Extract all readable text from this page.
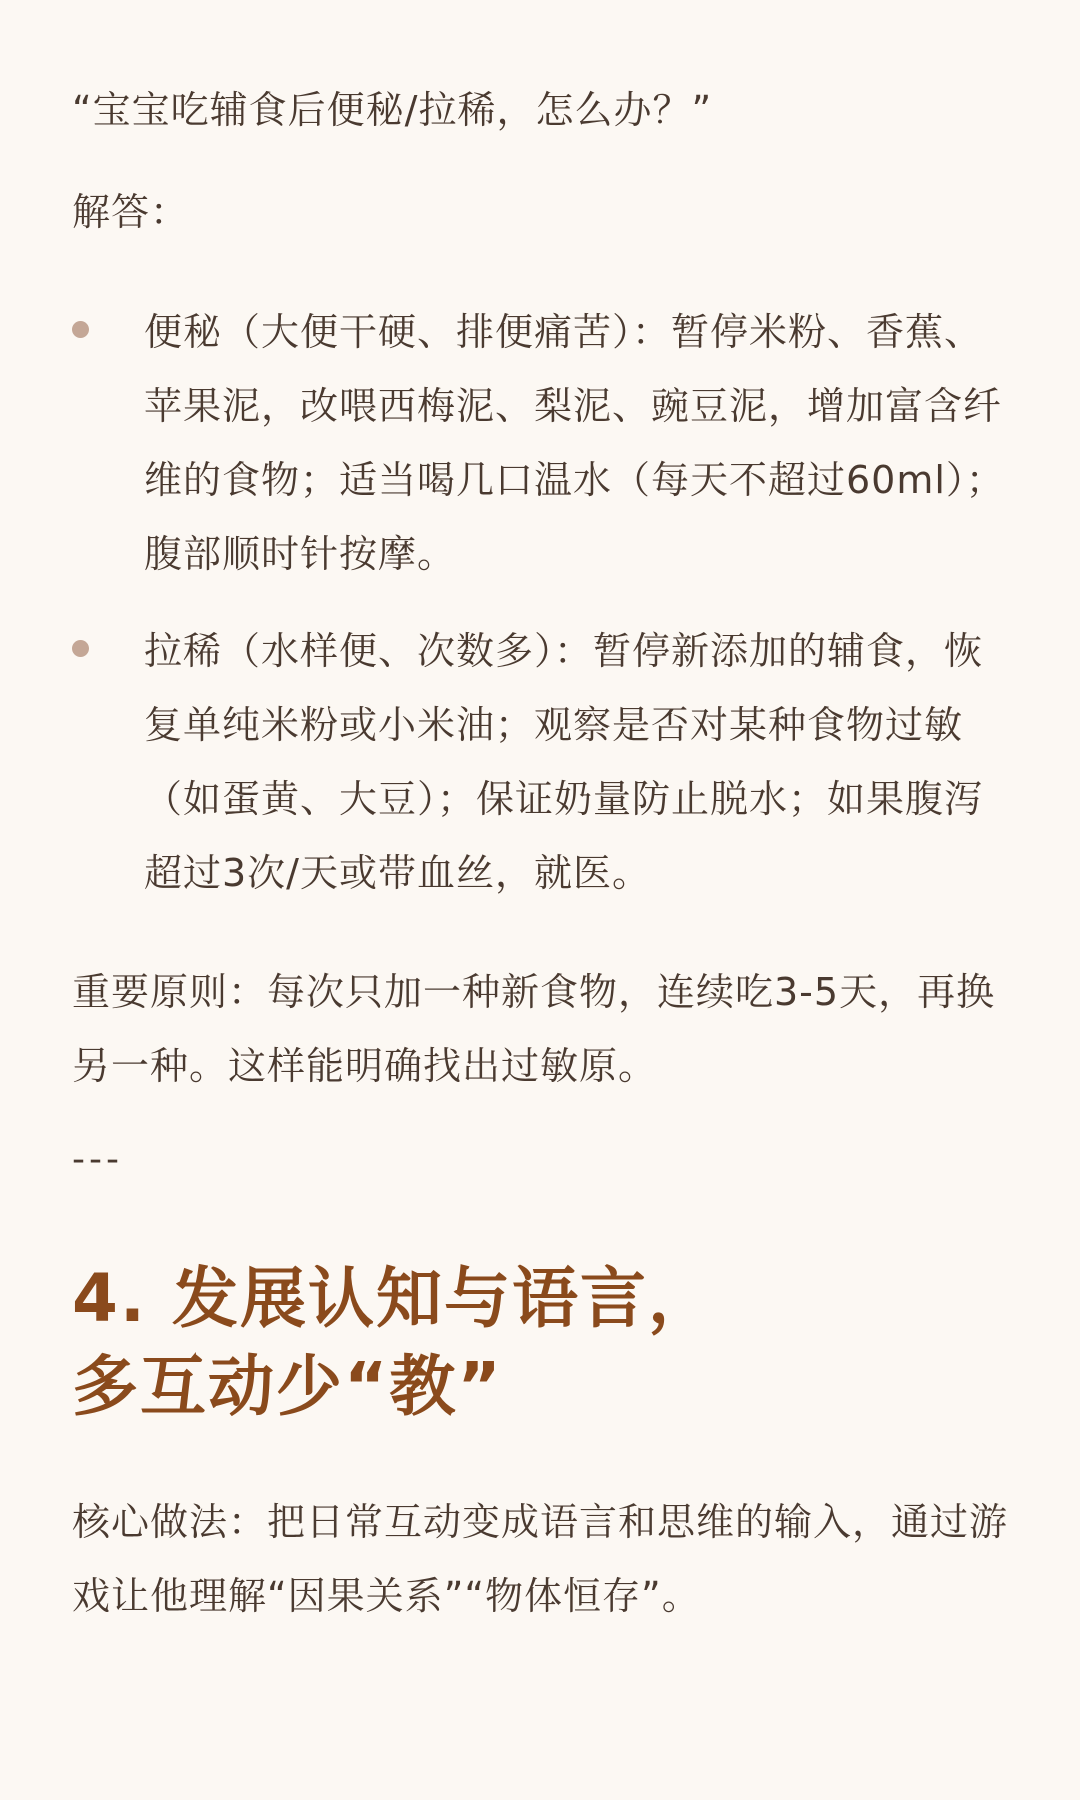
“宝宝吃辅食后便秘/拉稀，怎么办？”
解答：
便秘（大便干硬、排便痛苦）：暂停米粉、香蕉、苹果泥，改喂西梅泥、梨泥、豌豆泥，增加富含纤维的食物；适当喝几口温水（每天不超过60ml）；腹部顺时针按摩。
拉稀（水样便、次数多）：暂停新添加的辅食，恢复单纯米粉或小米油；观察是否对某种食物过敏（如蛋黄、大豆）；保证奶量防止脱水；如果腹泻超过3次/天或带血丝，就医。
重要原则：每次只加一种新食物，连续吃3-5天，再换另一种。这样能明确找出过敏原。
---
4. 发展认知与语言，
多互动少“教”
核心做法：把日常互动变成语言和思维的输入，通过游戏让他理解“因果关系”“物体恒存”。
